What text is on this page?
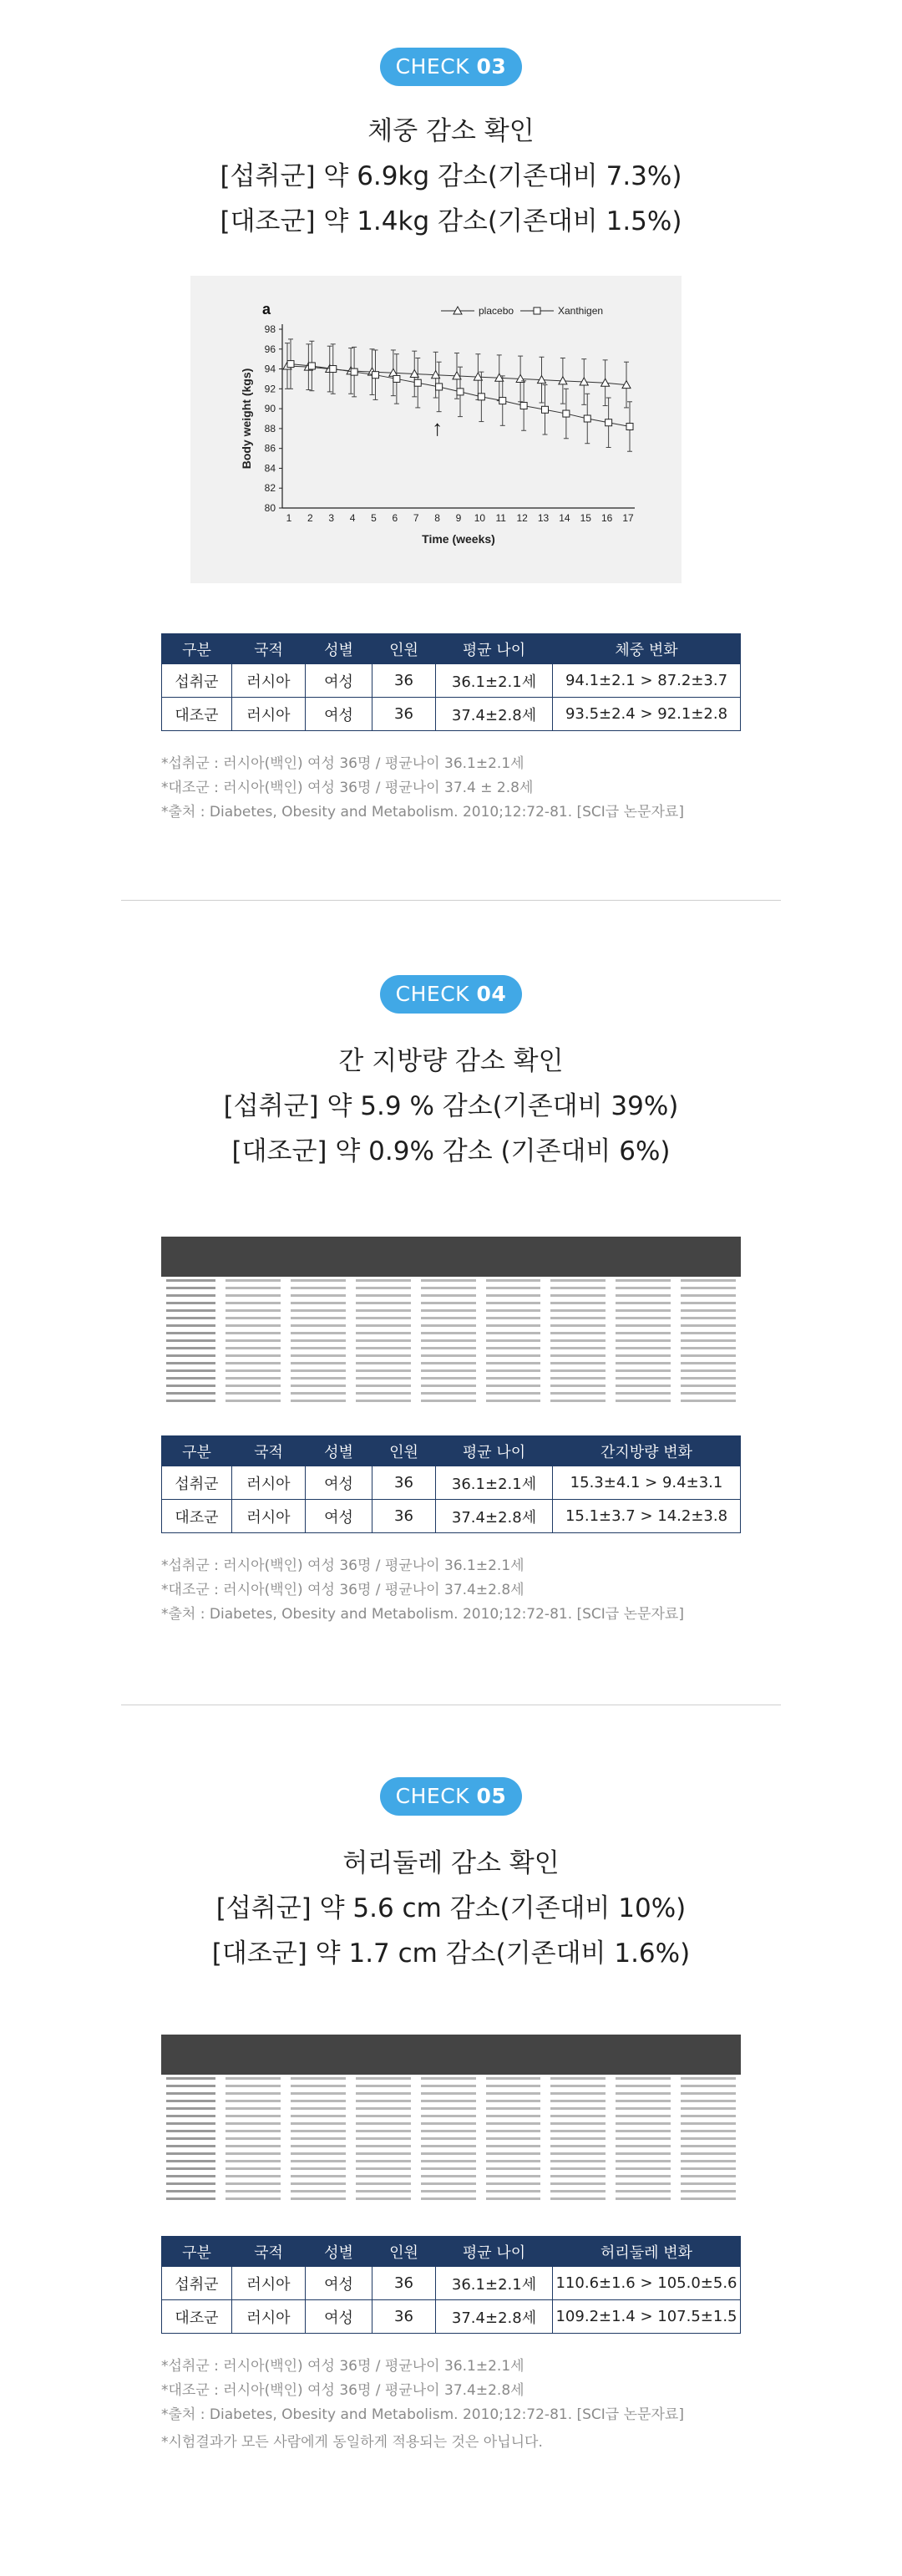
CHECK 03
체중 감소 확인
[섭취군] 약 6.9kg 감소(기존대비 7.3%)
[대조군] 약 1.4kg 감소(기존대비 1.5%)
80
82
84
86
88
90
92
94
96
98
1 2 3 4 5 6 7 8 9 10 11 12 13 14 15 16 17
Time (weeks)
Body weight (kgs)
a	placebo	Xanthigen
↑
구분	국적	성별	인원	평균 나이	체중 변화
섭취군	러시아	여성	36	36.1±2.1세	94.1±2.1 > 87.2±3.7
대조군	러시아	여성	36	37.4±2.8세	93.5±2.4 > 92.1±2.8
*섭취군 : 러시아(백인) 여성 36명 / 평균나이 36.1±2.1세
*대조군 : 러시아(백인) 여성 36명 / 평균나이 37.4 ± 2.8세
*출처 : Diabetes, Obesity and Metabolism. 2010;12:72-81. [SCI급 논문자료]
CHECK 04
간 지방량 감소 확인
[섭취군] 약 5.9 % 감소(기존대비 39%)
[대조군] 약 0.9% 감소 (기존대비 6%)
구분	국적	성별	인원	평균 나이	간지방량 변화
섭취군	러시아	여성	36	36.1±2.1세	15.3±4.1 > 9.4±3.1
대조군	러시아	여성	36	37.4±2.8세	15.1±3.7 > 14.2±3.8
*섭취군 : 러시아(백인) 여성 36명 / 평균나이 36.1±2.1세
*대조군 : 러시아(백인) 여성 36명 / 평균나이 37.4±2.8세
*출처 : Diabetes, Obesity and Metabolism. 2010;12:72-81. [SCI급 논문자료]
CHECK 05
허리둘레 감소 확인
[섭취군] 약 5.6 cm 감소(기존대비 10%)
[대조군] 약 1.7 cm 감소(기존대비 1.6%)
구분	국적	성별	인원	평균 나이	허리둘레 변화
섭취군	러시아	여성	36	36.1±2.1세	110.6±1.6 > 105.0±5.6
대조군	러시아	여성	36	37.4±2.8세	109.2±1.4 > 107.5±1.5
*섭취군 : 러시아(백인) 여성 36명 / 평균나이 36.1±2.1세
*대조군 : 러시아(백인) 여성 36명 / 평균나이 37.4±2.8세
*출처 : Diabetes, Obesity and Metabolism. 2010;12:72-81. [SCI급 논문자료]
*시험결과가 모든 사람에게 동일하게 적용되는 것은 아닙니다.
